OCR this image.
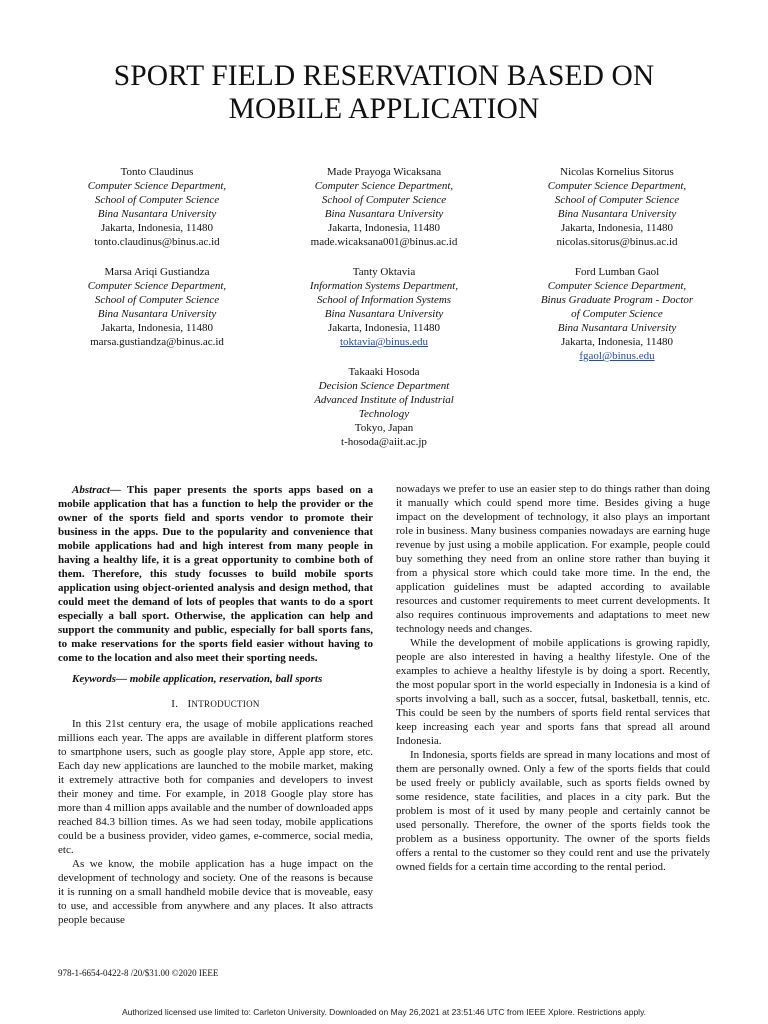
SPORT FIELD RESERVATION BASED ON
MOBILE APPLICATION
Tonto Claudinus
Computer Science Department,
School of Computer Science
Bina Nusantara University
Jakarta, Indonesia, 11480
tonto.claudinus@binus.ac.id
Made Prayoga Wicaksana
Computer Science Department,
School of Computer Science
Bina Nusantara University
Jakarta, Indonesia, 11480
made.wicaksana001@binus.ac.id
Nicolas Kornelius Sitorus
Computer Science Department,
School of Computer Science
Bina Nusantara University
Jakarta, Indonesia, 11480
nicolas.sitorus@binus.ac.id
Marsa Ariqi Gustiandza
Computer Science Department,
School of Computer Science
Bina Nusantara University
Jakarta, Indonesia, 11480
marsa.gustiandza@binus.ac.id
Tanty Oktavia
Information Systems Department,
School of Information Systems
Bina Nusantara University
Jakarta, Indonesia, 11480
toktavia@binus.edu
Ford Lumban Gaol
Computer Science Department,
Binus Graduate Program - Doctor
of Computer Science
Bina Nusantara University
Jakarta, Indonesia, 11480
fgaol@binus.edu
Takaaki Hosoda
Decision Science Department
Advanced Institute of Industrial
Technology
Tokyo, Japan
t-hosoda@aiit.ac.jp

Abstract— This paper presents the sports apps based on a mobile application that has a function to help the provider or the owner of the sports field and sports vendor to promote their business in the apps. Due to the popularity and convenience that mobile applications had and high interest from many people in having a healthy life, it is a great opportunity to combine both of them. Therefore, this study focusses to build mobile sports application using object-oriented analysis and design method, that could meet the demand of lots of peoples that wants to do a sport especially a ball sport. Otherwise, the application can help and support the community and public, especially for ball sports fans, to make reservations for the sports field easier without having to come to the location and also meet their sporting needs.

Keywords— mobile application, reservation, ball sports

I. INTRODUCTION

In this 21st century era, the usage of mobile applications reached millions each year. The apps are available in different platform stores to smartphone users, such as google play store, Apple app store, etc. Each day new applications are launched to the mobile market, making it extremely attractive both for companies and developers to invest their money and time. For example, in 2018 Google play store has more than 4 million apps available and the number of downloaded apps reached 84.3 billion times. As we had seen today, mobile applications could be a business provider, video games, e-commerce, social media, etc.

As we know, the mobile application has a huge impact on the development of technology and society. One of the reasons is because it is running on a small handheld mobile device that is moveable, easy to use, and accessible from anywhere and any places. It also attracts people because

nowadays we prefer to use an easier step to do things rather than doing it manually which could spend more time. Besides giving a huge impact on the development of technology, it also plays an important role in business. Many business companies nowadays are earning huge revenue by just using a mobile application. For example, people could buy something they need from an online store rather than buying it from a physical store which could take more time. In the end, the application guidelines must be adapted according to available resources and customer requirements to meet current developments. It also requires continuous improvements and adaptations to meet new technology needs and changes.

While the development of mobile applications is growing rapidly, people are also interested in having a healthy lifestyle. One of the examples to achieve a healthy lifestyle is by doing a sport. Recently, the most popular sport in the world especially in Indonesia is a kind of sports involving a ball, such as a soccer, futsal, basketball, tennis, etc. This could be seen by the numbers of sports field rental services that keep increasing each year and sports fans that spread all around Indonesia.

In Indonesia, sports fields are spread in many locations and most of them are personally owned. Only a few of the sports fields that could be used freely or publicly available, such as sports fields owned by some residence, state facilities, and places in a city park. But the problem is most of it used by many people and certainly cannot be used personally. Therefore, the owner of the sports fields took the problem as a business opportunity. The owner of the sports fields offers a rental to the customer so they could rent and use the privately owned fields for a certain time according to the rental period.

978-1-6654-0422-8 /20/$31.00 ©2020 IEEE
Authorized licensed use limited to: Carleton University. Downloaded on May 26,2021 at 23:51:46 UTC from IEEE Xplore. Restrictions apply.
